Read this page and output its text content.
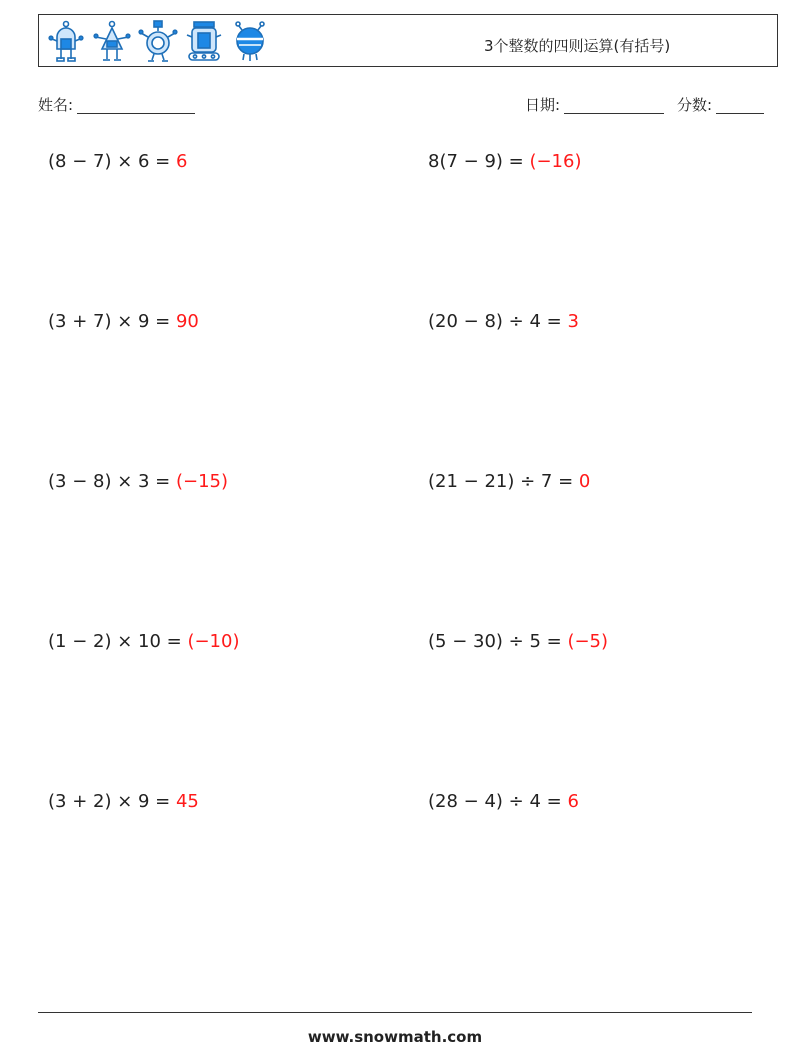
3个整数的四则运算(有括号)
姓名:	日期:	分数:
(8 − 7) × 6 = 6	8(7 − 9) = (−16)
(3 + 7) × 9 = 90	(20 − 8) ÷ 4 = 3
(3 − 8) × 3 = (−15)	(21 − 21) ÷ 7 = 0
(1 − 2) × 10 = (−10)	(5 − 30) ÷ 5 = (−5)
(3 + 2) × 9 = 45	(28 − 4) ÷ 4 = 6
www.snowmath.com
